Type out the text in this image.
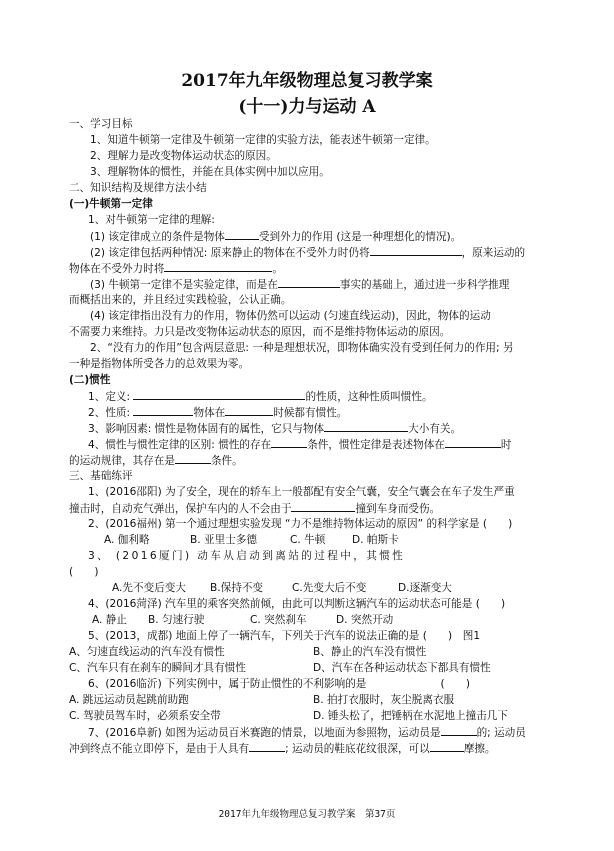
2017年九年级物理总复习教学案
(十一)力与运动 A
一、学习目标
1、知道牛顿第一定律及牛顿第一定律的实验方法，能表述牛顿第一定律。
2、理解力是改变物体运动状态的原因。
3、理解物体的惯性，并能在具体实例中加以应用。
二、知识结构及规律方法小结
(一)牛顿第一定律
1、对牛顿第一定律的理解:
(1) 该定律成立的条件是物体	受到外力的作用 (这是一种理想化的情况)。
(2) 该定律包括两种情况: 原来静止的物体在不受外力时仍将	，原来运动的
物体在不受外力时将	。
(3) 牛顿第一定律不是实验定律，而是在	事实的基础上，通过进一步科学推理
而概括出来的，并且经过实践检验，公认正确。
(4) 该定律指出没有力的作用，物体仍然可以运动 (匀速直线运动)，因此，物体的运动
不需要力来维持。力只是改变物体运动状态的原因，而不是维持物体运动的原因。
2、“没有力的作用”包含两层意思: 一种是理想状况，即物体确实没有受到任何力的作用; 另
一种是指物体所受各力的总效果为零。
(二)惯性
1、定义:	的性质，这种性质叫惯性。
2、性质:	物体在	时候都有惯性。
3、影响因素: 惯性是物体固有的属性，它只与物体	大小有关。
4、惯性与惯性定律的区别: 惯性的存在	条件，惯性定律是表述物体在	时
的运动规律，其存在是	条件。
三、基础练评
1、(2016邵阳) 为了安全，现在的轿车上一般都配有安全气囊，安全气囊会在车子发生严重
撞击时，自动充气弹出，保护车内的人不会由于	撞到车身而受伤。
2、(2016福州) 第一个通过理想实验发现 “力不是维持物体运动的原因” 的科学家是 (　　)
A. 伽利略	B. 亚里士多德	C. 牛顿	D. 帕斯卡
3、 (2016厦门) 动车从启动到离站的过程中，其惯性
(　　)
A.先不变后变大 B.保持不变	C.先变大后不变	D.逐渐变大
4、(2016菏泽) 汽车里的乘客突然前倾，由此可以判断这辆汽车的运动状态可能是 (　　)
A. 静止 B. 匀速行驶	C. 突然刹车	D. 突然开动
5、(2013，成都) 地面上停了一辆汽车，下列关于汽车的说法正确的是 (　　)　图1
A、匀速直线运动的汽车没有惯性	B、静止的汽车没有惯性
C、汽车只有在刹车的瞬间才具有惯性	D、汽车在各种运动状态下都具有惯性
6、(2016临沂) 下列实例中，属于防止惯性的不利影响的是　　　　　　　(　　)
A. 跳远运动员起跳前助跑	B. 拍打衣服时，灰尘脱离衣服
C. 驾驶员驾车时，必须系安全带	D. 锤头松了，把锤柄在水泥地上撞击几下
7、(2016阜新) 如图为运动员百米赛跑的情景，以地面为参照物，运动员是	的; 运动员
冲到终点不能立即停下，是由于人具有	; 运动员的鞋底花纹很深，可以	摩擦。
2017年九年级物理总复习教学案　第37页
